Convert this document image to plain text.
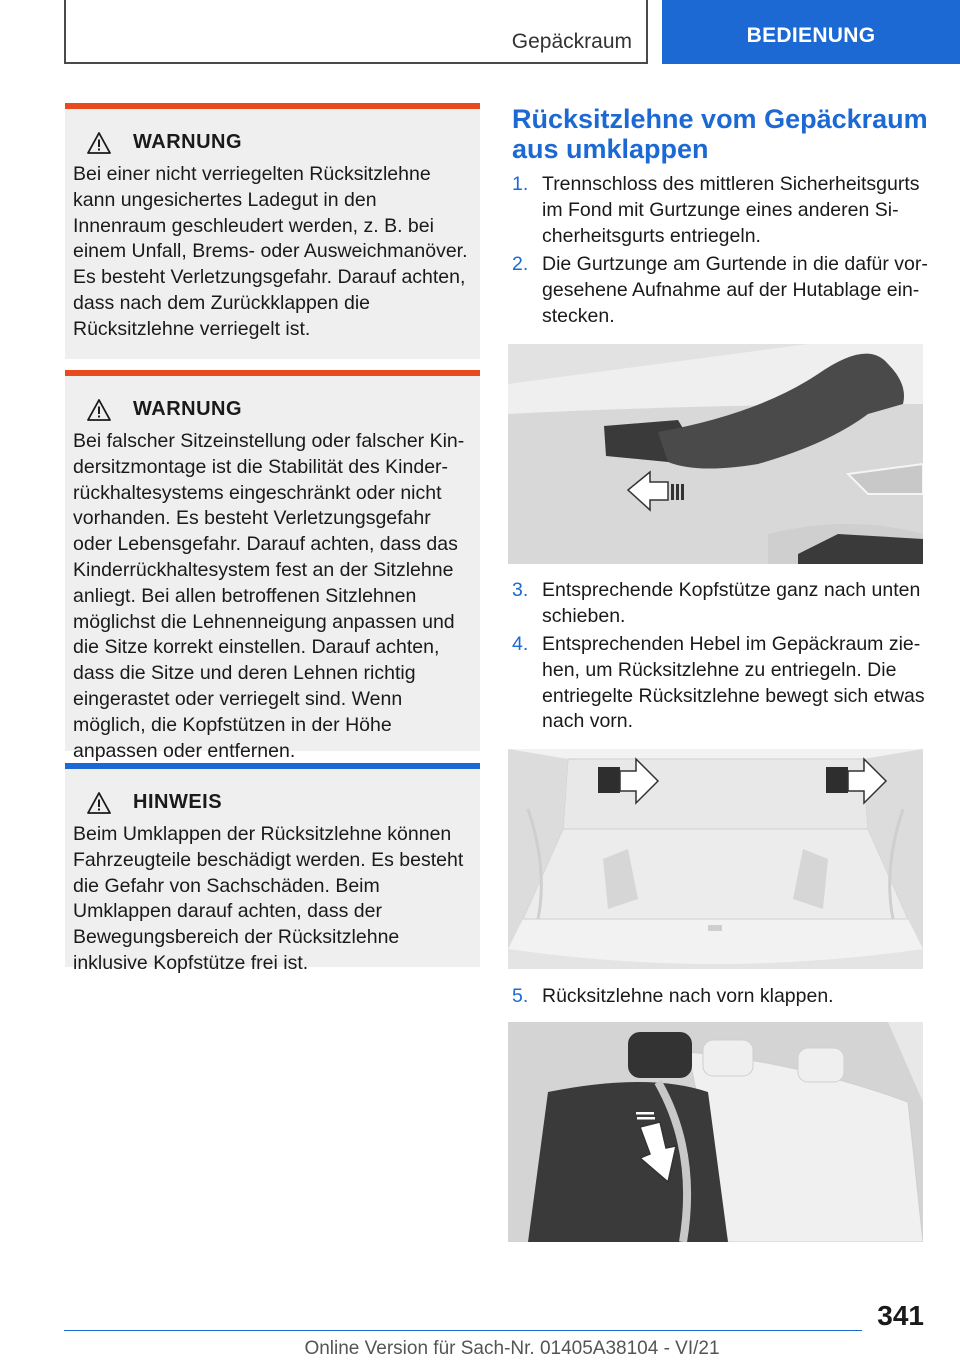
Gepäckraum	BEDIENUNG
WARNUNG
Bei einer nicht verriegelten Rücksitzlehne kann ungesichertes Ladegut in den Innenraum geschleudert werden, z. B. bei einem Unfall, Brems- oder Ausweichmanöver. Es besteht Verletzungsgefahr. Darauf achten, dass nach dem Zurückklappen die Rücksitzlehne verriegelt ist.
WARNUNG
Bei falscher Sitzeinstellung oder falscher Kindersitzmontage ist die Stabilität des Kinderrückhaltesystems eingeschränkt oder nicht vorhanden. Es besteht Verletzungsgefahr oder Lebensgefahr. Darauf achten, dass das Kinderrückhaltesystem fest an der Sitzlehne anliegt. Bei allen betroffenen Sitzlehnen möglichst die Lehnenneigung anpassen und die Sitze korrekt einstellen. Darauf achten, dass die Sitze und deren Lehnen richtig eingerastet oder verriegelt sind. Wenn möglich, die Kopfstützen in der Höhe anpassen oder entfernen.
HINWEIS
Beim Umklappen der Rücksitzlehne können Fahrzeugteile beschädigt werden. Es besteht die Gefahr von Sachschäden. Beim Umklappen darauf achten, dass der Bewegungsbereich der Rücksitzlehne inklusive Kopfstütze frei ist.
Rücksitzlehne vom Gepäckraum aus umklappen
1. Trennschloss des mittleren Sicherheitsgurts im Fond mit Gurtzunge eines anderen Sicherheitsgurts entriegeln.
2. Die Gurtzunge am Gurtende in die dafür vorgesehene Aufnahme auf der Hutablage einstecken.
3. Entsprechende Kopfstütze ganz nach unten schieben.
4. Entsprechenden Hebel im Gepäckraum ziehen, um Rücksitzlehne zu entriegeln. Die entriegelte Rücksitzlehne bewegt sich etwas nach vorn.
5. Rücksitzlehne nach vorn klappen.
341
Online Version für Sach-Nr. 01405A38104 - VI/21
